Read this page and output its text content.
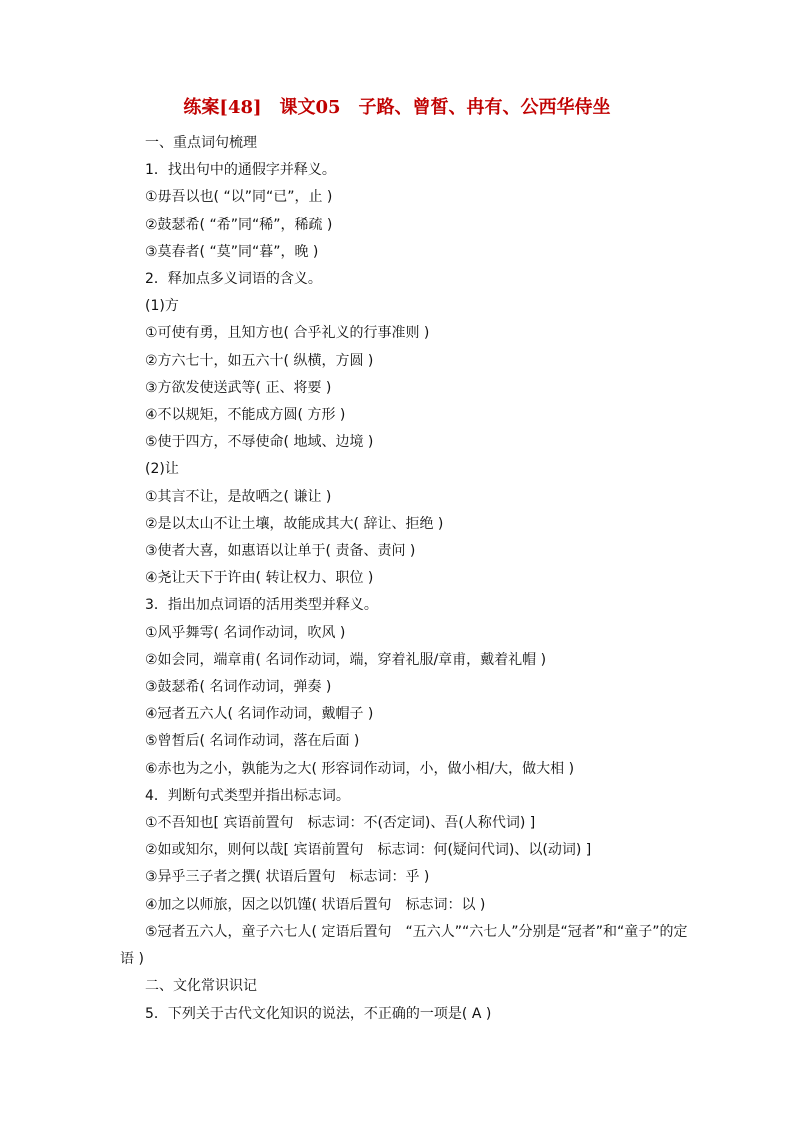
练案[48]　课文05　子路、曾皙、冉有、公西华侍坐
一、重点词句梳理
1．找出句中的通假字并释义。
①毋吾以也( “以”同“已”，止 )
②鼓瑟希( “希”同“稀”，稀疏 )
③莫春者( “莫”同“暮”，晚 )
2．释加点多义词语的含义。
(1)方
①可使有勇，且知方也( 合乎礼义的行事准则 )
②方六七十，如五六十( 纵横，方圆 )
③方欲发使送武等( 正、将要 )
④不以规矩，不能成方圆( 方形 )
⑤使于四方，不辱使命( 地域、边境 )
(2)让
①其言不让，是故哂之( 谦让 )
②是以太山不让土壤，故能成其大( 辞让、拒绝 )
③使者大喜，如惠语以让单于( 责备、责问 )
④尧让天下于许由( 转让权力、职位 )
3．指出加点词语的活用类型并释义。
①风乎舞雩( 名词作动词，吹风 )
②如会同，端章甫( 名词作动词，端，穿着礼服/章甫，戴着礼帽 )
③鼓瑟希( 名词作动词，弹奏 )
④冠者五六人( 名词作动词，戴帽子 )
⑤曾皙后( 名词作动词，落在后面 )
⑥赤也为之小，孰能为之大( 形容词作动词，小，做小相/大，做大相 )
4．判断句式类型并指出标志词。
①不吾知也[ 宾语前置句　标志词：不(否定词)、吾(人称代词) ]
②如或知尔，则何以哉[ 宾语前置句　标志词：何(疑问代词)、以(动词) ]
③异乎三子者之撰( 状语后置句　标志词：乎 )
④加之以师旅，因之以饥馑( 状语后置句　标志词：以 )
⑤冠者五六人，童子六七人( 定语后置句　“五六人”“六七人”分别是“冠者”和“童子”的定语 )
二、文化常识识记
5．下列关于古代文化知识的说法，不正确的一项是( A )
